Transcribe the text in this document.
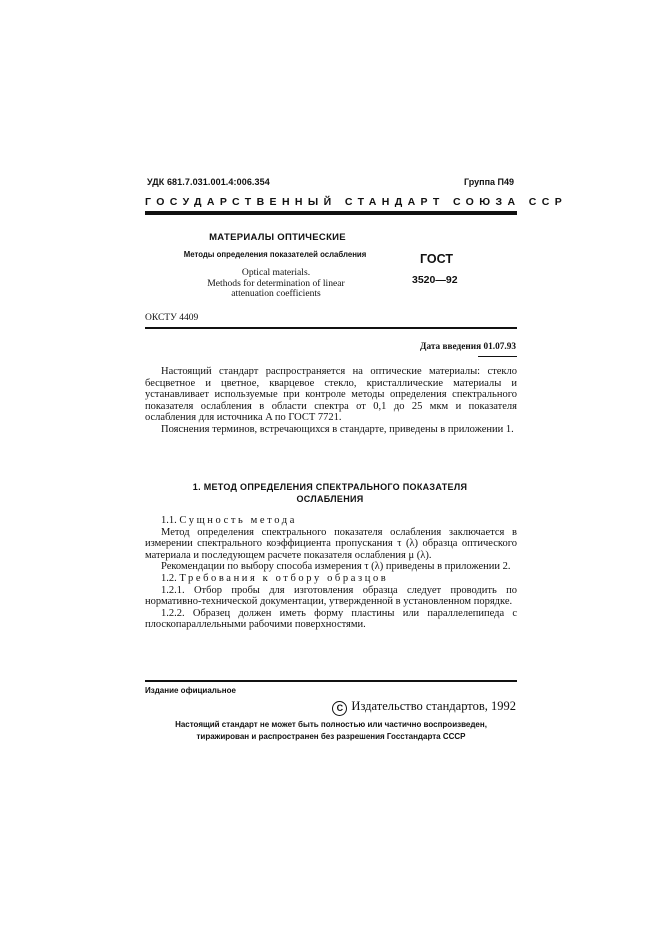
УДК 681.7.031.001.4:006.354	Группа П49
ГОСУДАРСТВЕННЫЙ СТАНДАРТ СОЮЗА ССР
МАТЕРИАЛЫ ОПТИЧЕСКИЕ
Методы определения показателей ослабления
Optical materials.
Methods for determination of linear
attenuation coefficients
ГОСТ
3520—92
ОКСТУ 4409
Дата введения 01.07.93

Настоящий стандарт распространяется на оптические материалы: стекло бесцветное и цветное, кварцевое стекло, кристаллические материалы и устанавливает используемые при контроле методы определения спектрального показателя ослабления в области спектра от 0,1 до 25 мкм и показателя ослабления для источника A по ГОСТ 7721.

Пояснения терминов, встречающихся в стандарте, приведены в приложении 1.

1. МЕТОД ОПРЕДЕЛЕНИЯ СПЕКТРАЛЬНОГО ПОКАЗАТЕЛЯ
ОСЛАБЛЕНИЯ

1.1. Сущность метода

Метод определения спектрального показателя ослабления заключается в измерении спектрального коэффициента пропускания τ (λ) образца оптического материала и последующем расчете показателя ослабления μ (λ).

Рекомендации по выбору способа измерения τ (λ) приведены в приложении 2.

1.2. Требования к отбору образцов

1.2.1. Отбор пробы для изготовления образца следует проводить по нормативно-технической документации, утвержденной в установленном порядке.

1.2.2. Образец должен иметь форму пластины или параллелепипеда с плоскопараллельными рабочими поверхностями.

Издание официальное
C Издательство стандартов, 1992

Настоящий стандарт не может быть полностью или частично воспроизведен,

тиражирован и распространен без разрешения Госстандарта СССР
